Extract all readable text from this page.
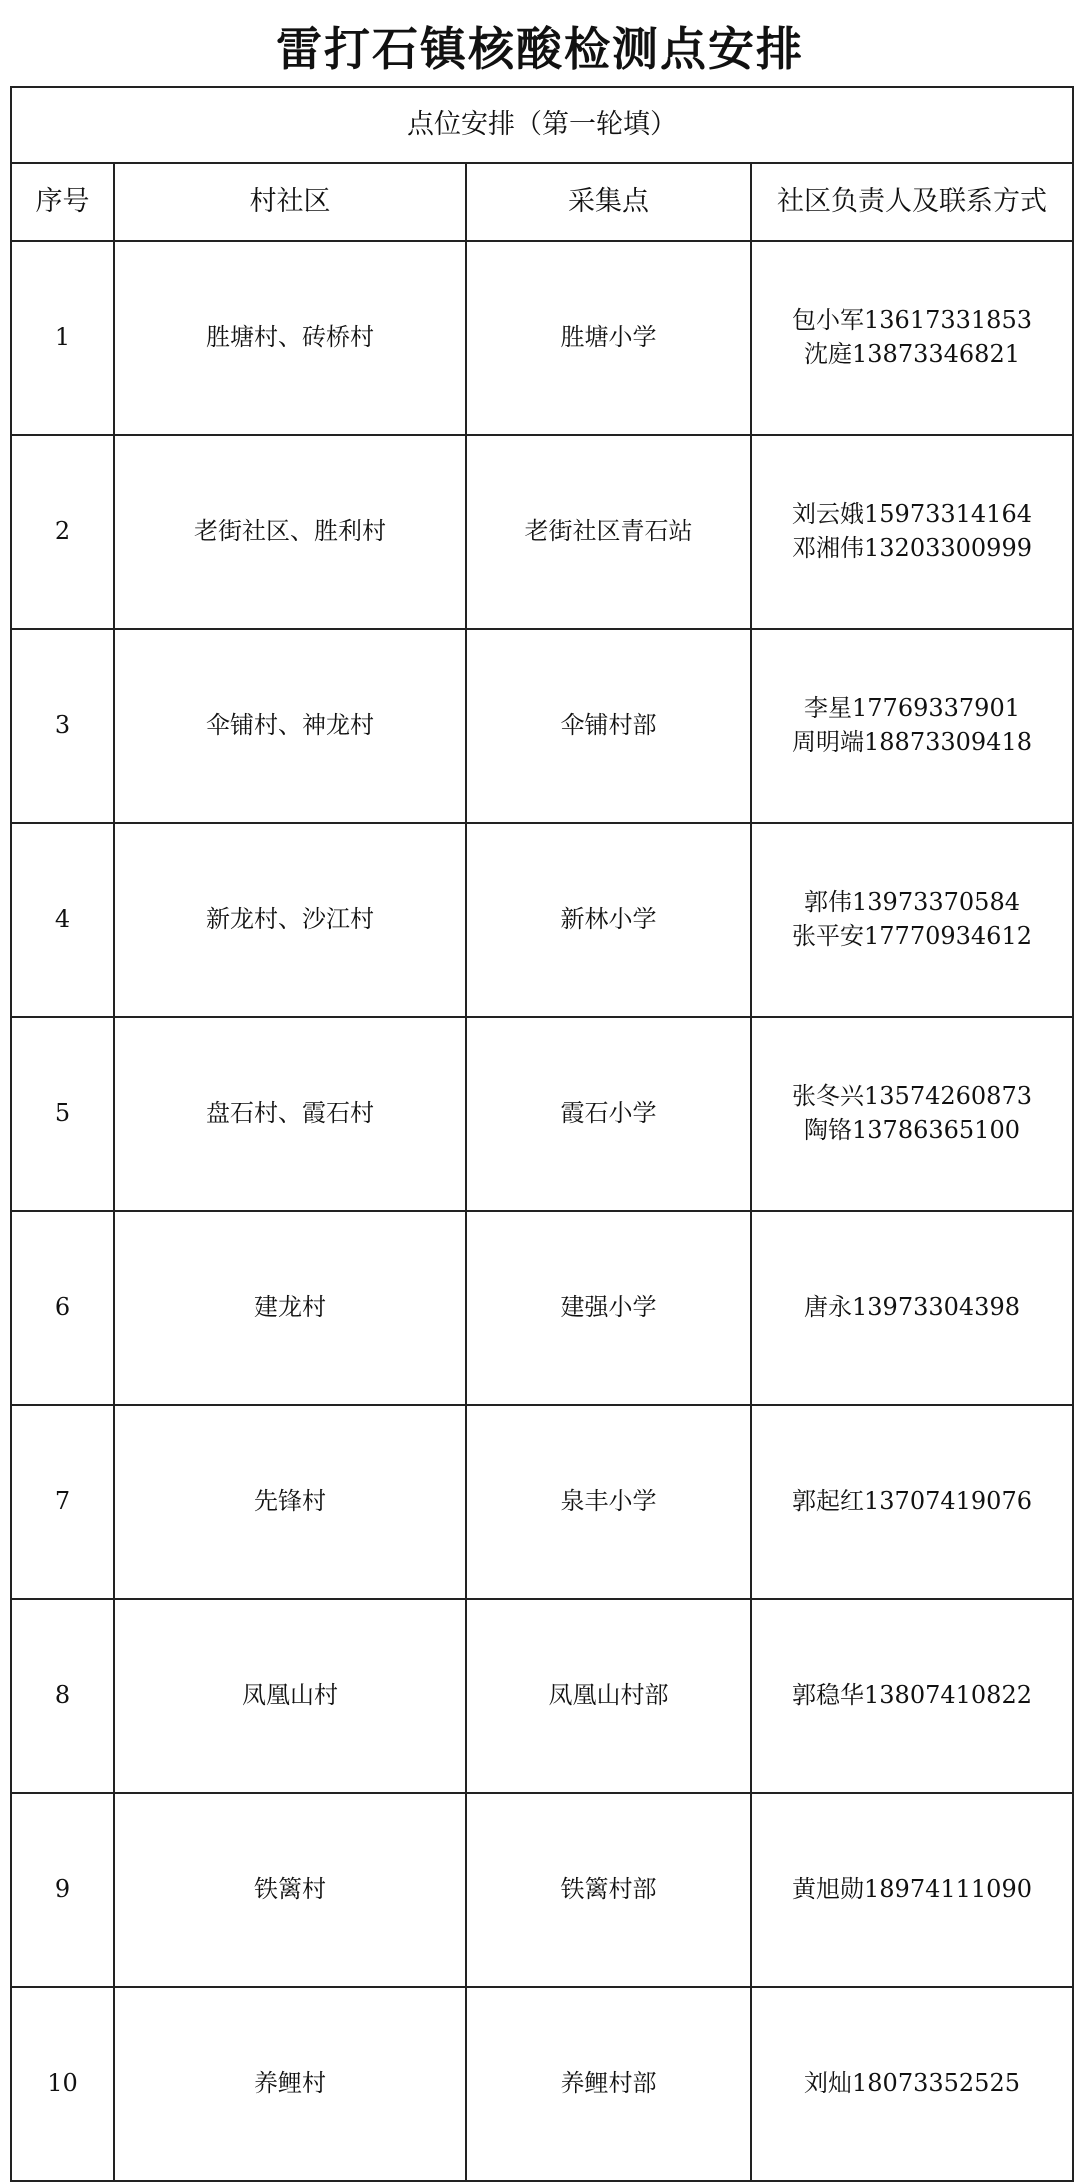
雷打石镇核酸检测点安排
点位安排（第一轮填）			
序号	村社区	采集点	社区负责人及联系方式
1	胜塘村、砖桥村	胜塘小学	包小军13617331853
沈庭13873346821

2	老街社区、胜利村	老街社区青石站	刘云娥15973314164
邓湘伟13203300999

3	伞铺村、神龙村	伞铺村部	李星17769337901
周明端18873309418

4	新龙村、沙江村	新林小学	郭伟13973370584
张平安17770934612

5	盘石村、霞石村	霞石小学	张冬兴13574260873
陶铬13786365100

6	建龙村	建强小学	唐永13973304398

7	先锋村	泉丰小学	郭起红13707419076

8	凤凰山村	凤凰山村部	郭稳华13807410822

9	铁篱村	铁篱村部	黄旭勋18974111090

10	养鲤村	养鲤村部	刘灿18073352525
